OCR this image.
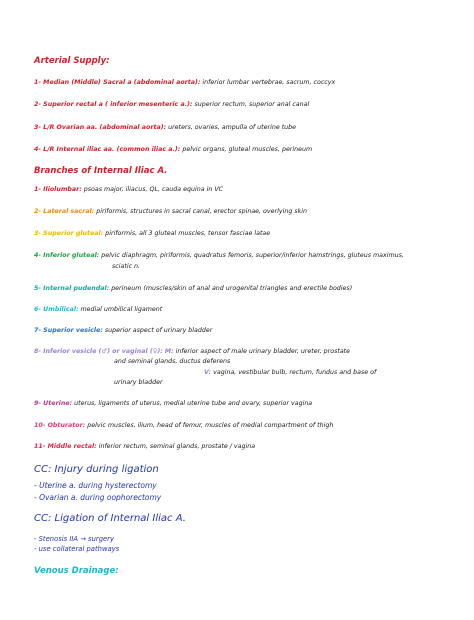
Arterial Supply:
1- Median (Middle) Sacral a (abdominal aorta): inferior lumbar vertebrae, sacrum, coccyx
2- Superior rectal a ( inferior mesenteric a.): superior rectum, superior anal canal
3- L/R Ovarian aa. (abdominal aorta): ureters, ovaries, ampulla of uterine tube
4- L/R Internal iliac aa. (common iliac a.): pelvic organs, gluteal muscles, perineum
Branches of Internal Iliac A.
1- Iliolumbar: psoas major, iliacus, QL, cauda equina in VC
2- Lateral sacral: piriformis, structures in sacral canal, erector spinae, overlying skin
3- Superior gluteal: piriformis, all 3 gluteal muscles, tensor fasciae latae
4- Inferior gluteal: pelvic diaphragm, piriformis, quadratus femoris, superior/inferior hamstrings, gluteus maximus,
sciatic n.
5- Internal pudendal: perineum (muscles/skin of anal and urogenital triangles and erectile bodies)
6- Umbilical: medial umbilical ligament
7- Superior vesicle: superior aspect of urinary bladder
8- Inferior vesicle (♂) or vaginal (♀): M: inferior aspect of male urinary bladder, ureter, prostate
and seminal glands, ductus deferens
V: vagina, vestibular bulb, rectum, fundus and base of
urinary bladder
9- Uterine: uterus, ligaments of uterus, medial uterine tube and ovary, superior vagina
10- Obturator: pelvic muscles, ilium, head of femur, muscles of medial compartment of thigh
11- Middle rectal: inferior rectum, seminal glands, prostate / vagina
CC: Injury during ligation
- Uterine a. during hysterectomy
- Ovarian a. during oophorectomy
CC: Ligation of Internal Iliac A.
- Stenosis IIA → surgery
- use collateral pathways
Venous Drainage:
